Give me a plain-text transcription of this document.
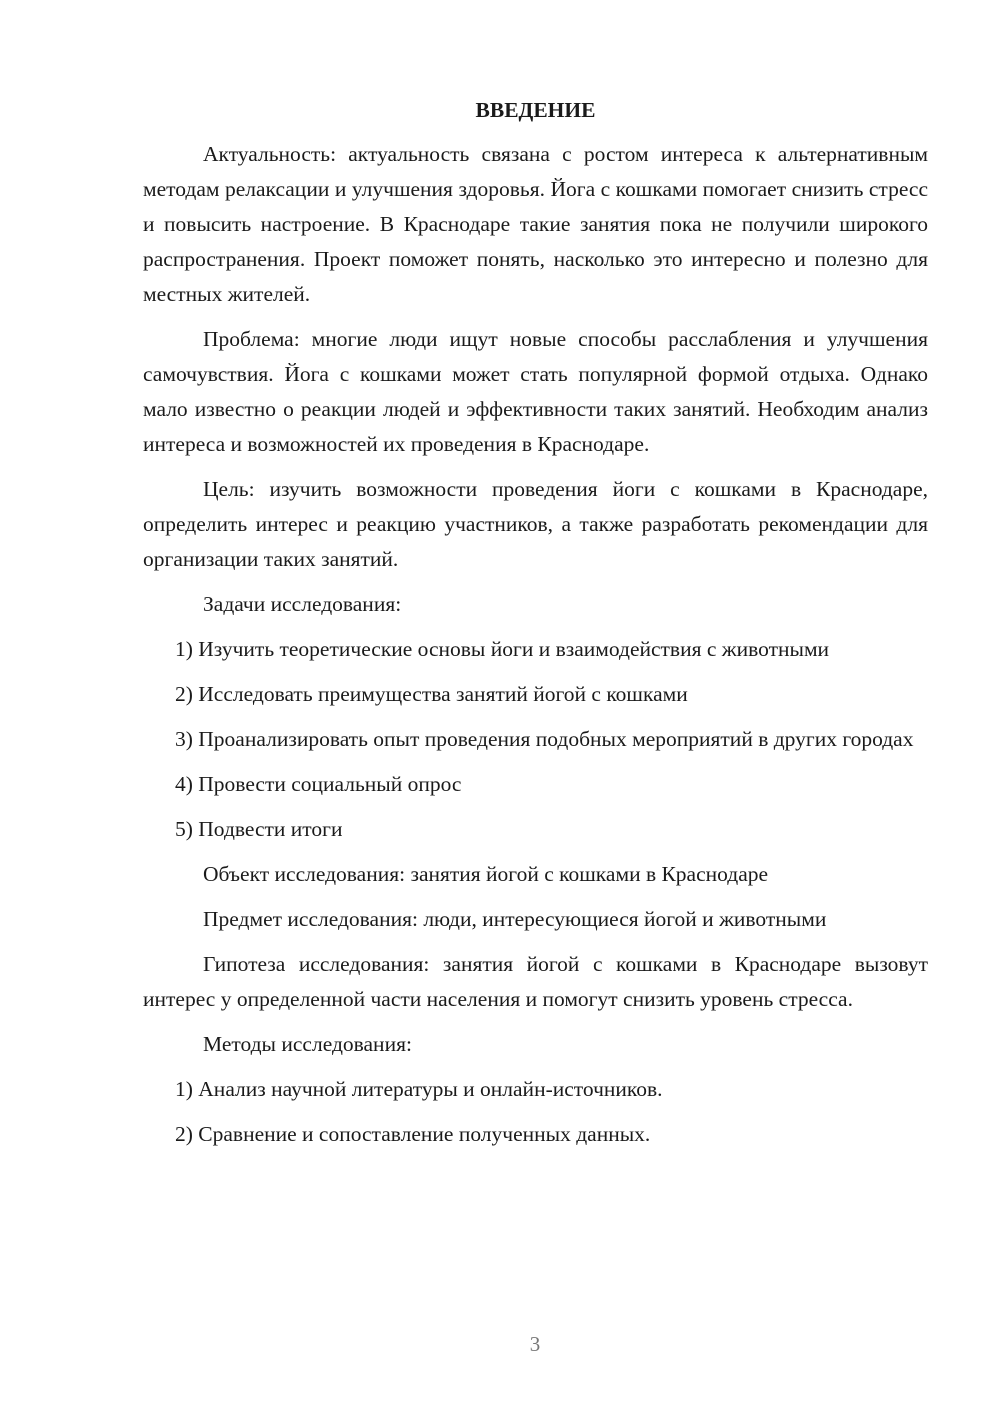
ВВЕДЕНИЕ

Актуальность: актуальность связана с ростом интереса к альтернативным методам релаксации и улучшения здоровья. Йога с кошками помогает снизить стресс и повысить настроение. В Краснодаре такие занятия пока не получили широкого распространения. Проект поможет понять, насколько это интересно и полезно для местных жителей.

Проблема: многие люди ищут новые способы расслабления и улучшения самочувствия. Йога с кошками может стать популярной формой отдыха. Однако мало известно о реакции людей и эффективности таких занятий. Необходим анализ интереса и возможностей их проведения в Краснодаре.

Цель: изучить возможности проведения йоги с кошками в Краснодаре, определить интерес и реакцию участников, а также разработать рекомендации для организации таких занятий.

Задачи исследования:

1) Изучить теоретические основы йоги и взаимодействия с животными

2) Исследовать преимущества занятий йогой с кошками

3) Проанализировать опыт проведения подобных мероприятий в других городах

4) Провести социальный опрос

5) Подвести итоги

Объект исследования: занятия йогой с кошками в Краснодаре

Предмет исследования: люди, интересующиеся йогой и животными

Гипотеза исследования: занятия йогой с кошками в Краснодаре вызовут интерес у определенной части населения и помогут снизить уровень стресса.

Методы исследования:

1) Анализ научной литературы и онлайн-источников.

2) Сравнение и сопоставление полученных данных.

3
